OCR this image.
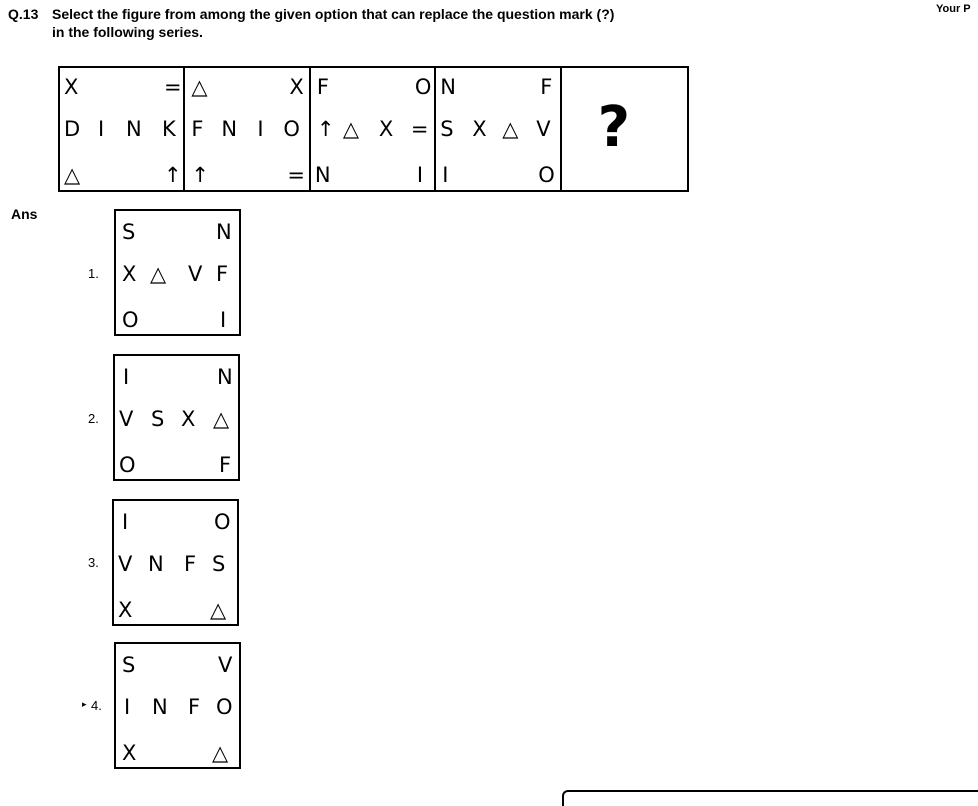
Q.13 Select the figure from among the given option that can replace the question mark (?)
in the following series.
Your P
X	=
D I N K
△	↑
△	X
F N I O
↑	=
F	O
↑ △ X =
N	I
N	F
S X △ V
I	O
?
Ans
1.
S	N
X △ V F
O	I
2.
I	N
V S X △
O	F
3.
I	O
V N F S
X	△
▸ 4.
S	V
I N F O
X	△
